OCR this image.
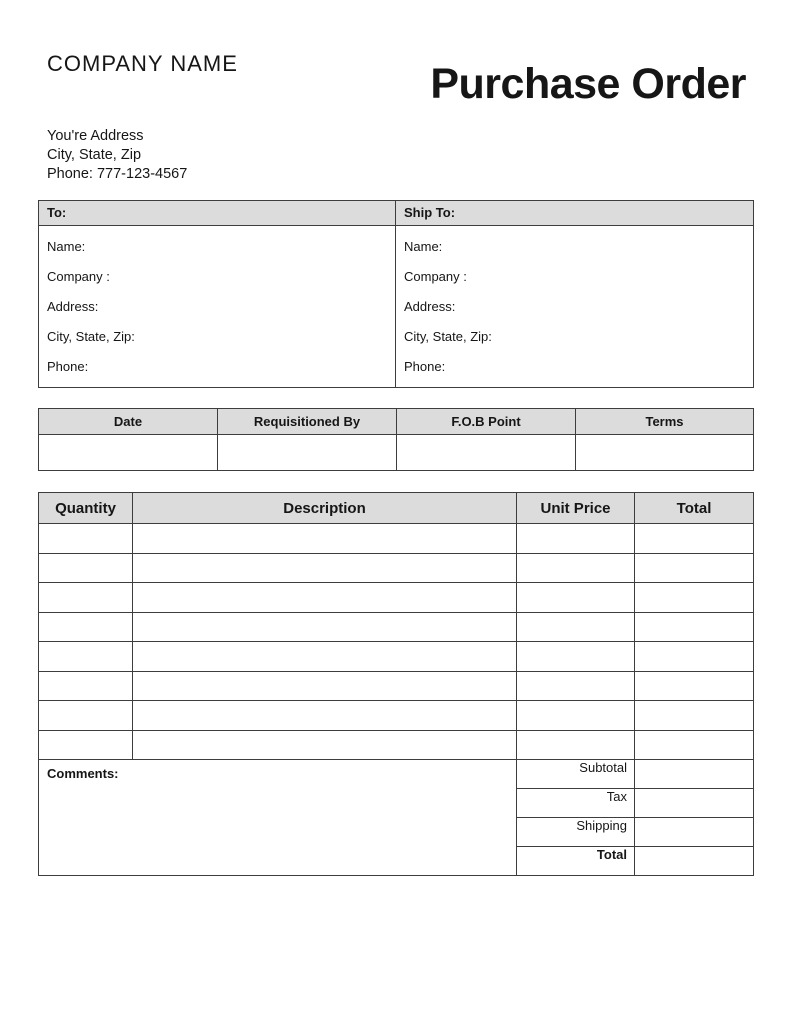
COMPANY NAME	Purchase Order
You're Address
City, State, Zip
Phone: 777-123-4567
To:	Ship To:

Name:
Company :
Address:
City, State, Zip:
Phone:

Name:
Company :
Address:
City, State, Zip:
Phone:
Date	Requisitioned By	F.O.B Point	Terms

Quantity	Description	Unit Price	Total

Comments:	Subtotal	
	Tax	
	Shipping	
	Total	
